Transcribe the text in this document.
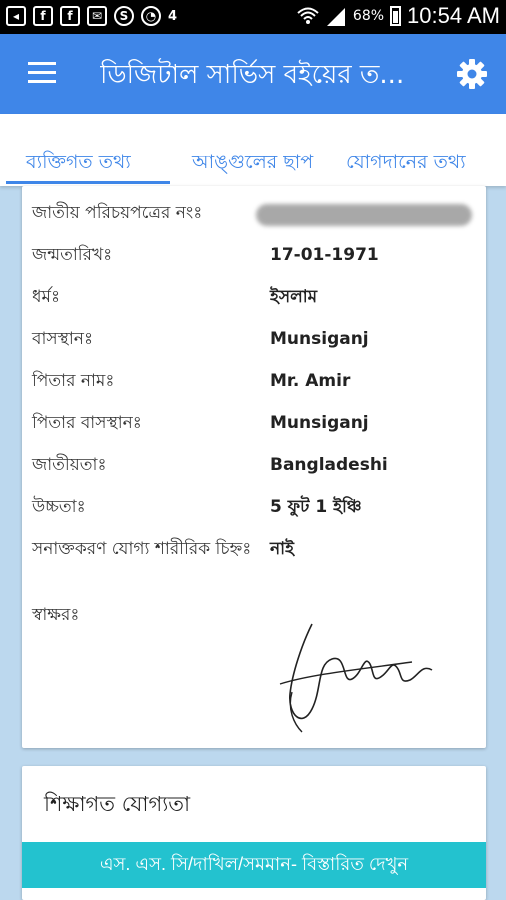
◂	f	f	✉	S	◔ 4	68% 10:54 AM
ডিজিটাল সার্ভিস বইয়ের ত...
ব্যক্তিগত তথ্য	আঙ্গুলের ছাপ যোগদানের তথ্য
জাতীয় পরিচয়পত্রের নংঃ
জন্মতারিখঃ	17-01-1971
ধর্মঃ	ইসলাম
বাসস্থানঃ	Munsiganj
পিতার নামঃ	Mr. Amir
পিতার বাসস্থানঃ	Munsiganj
জাতীয়তাঃ	Bangladeshi
উচ্চতাঃ	5 ফুট 1 ইঞ্চি
সনাক্তকরণ যোগ্য শারীরিক চিহ্নঃ নাই
স্বাক্ষরঃ
শিক্ষাগত যোগ্যতা
এস. এস. সি/দাখিল/সমমান- বিস্তারিত দেখুন
